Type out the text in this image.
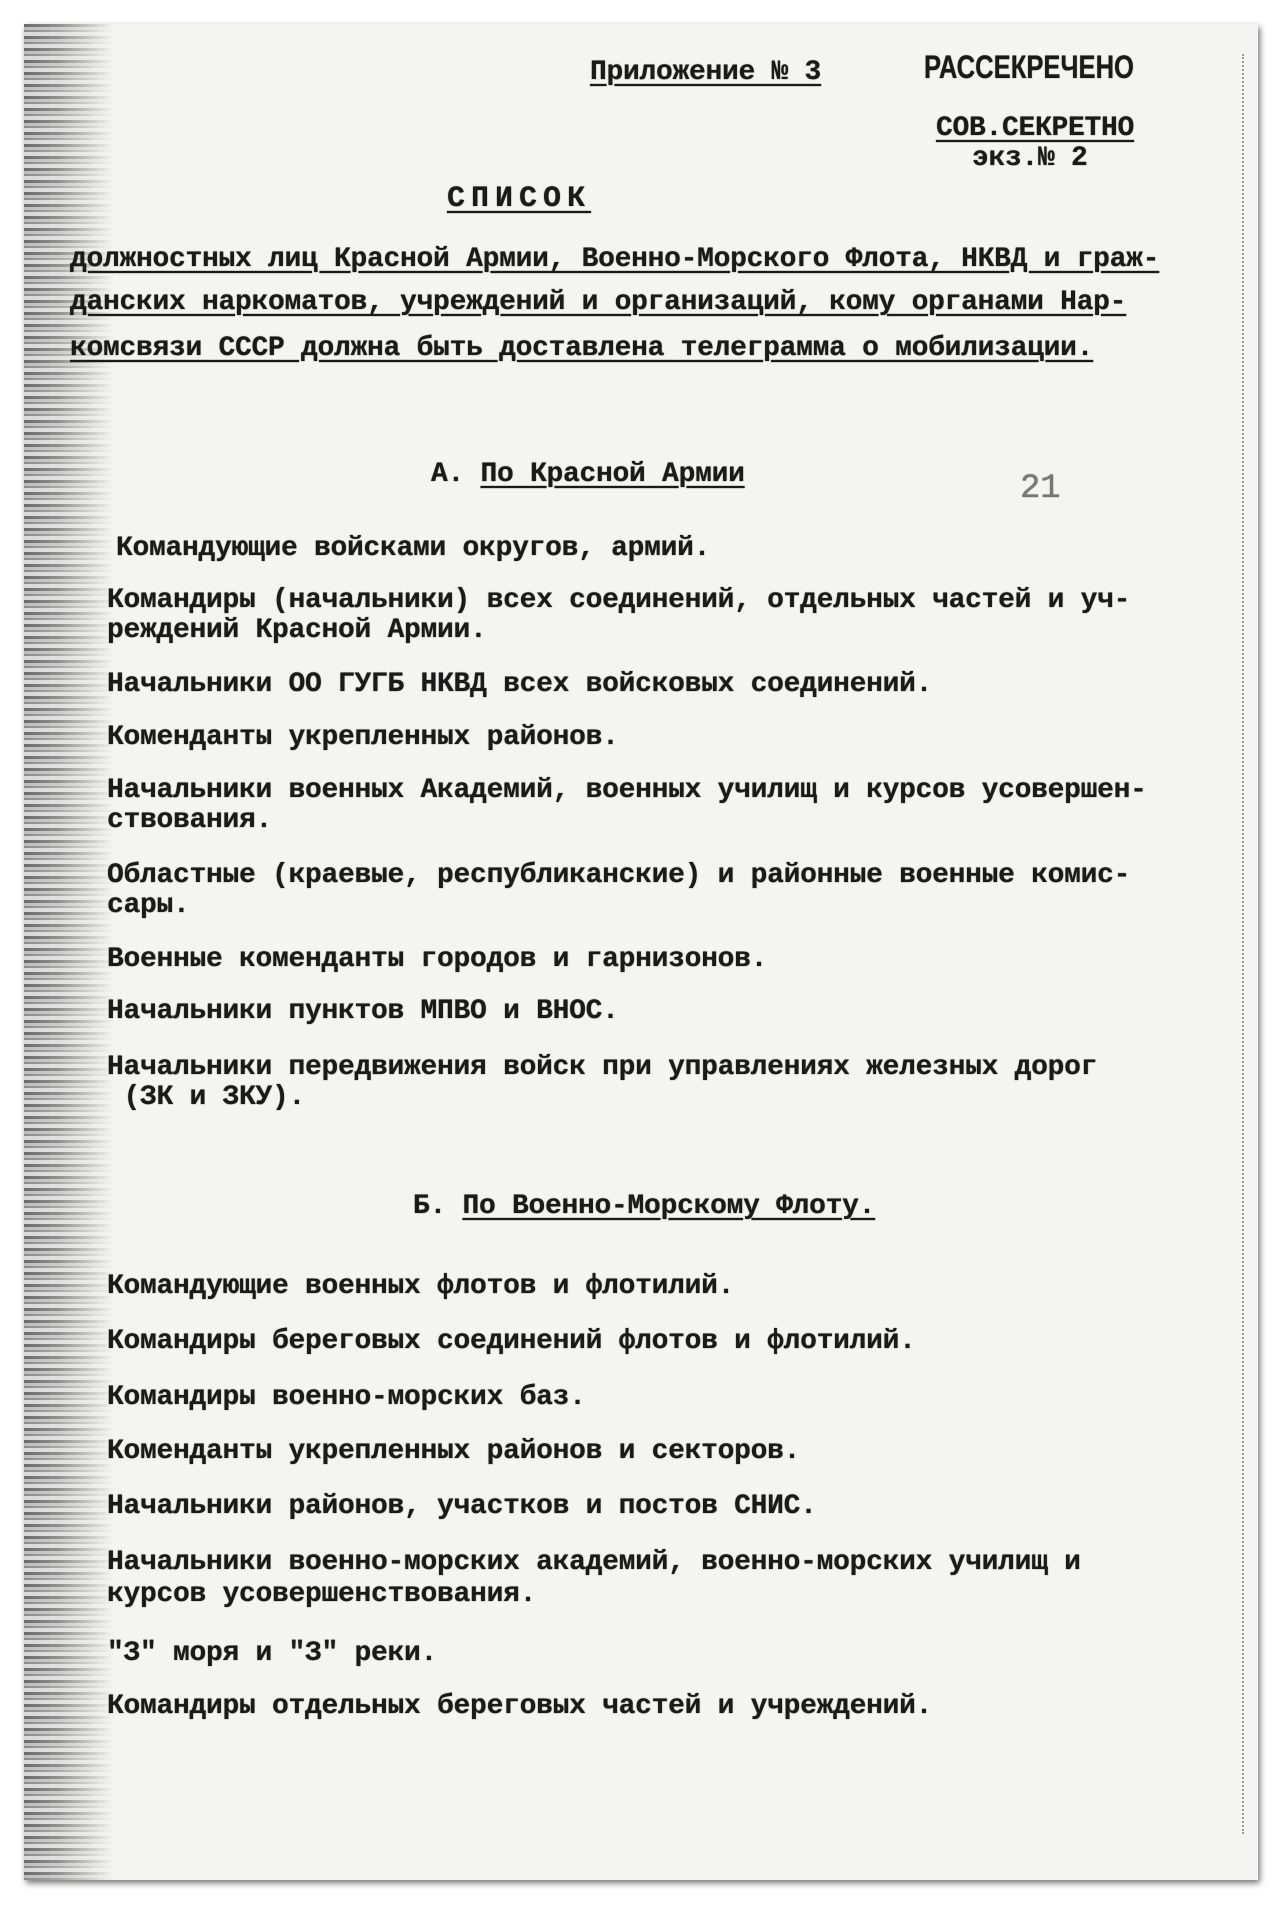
Приложение № 3	РАССЕКРЕЧЕНО
СОВ.СЕКРЕТНО
экз.№ 2
СПИСОК
должностных лиц Красной Армии, Военно-Морского Флота, НКВД и граж-
данских наркоматов, учреждений и организаций, кому органами Нар-
комсвязи СССР должна быть доставлена телеграмма о мобилизации.
А. По Красной Армии	21
Командующие войсками округов, армий.
Командиры (начальники) всех соединений, отдельных частей и уч-
реждений Красной Армии.
Начальники ОО ГУГБ НКВД всех войсковых соединений.
Коменданты укрепленных районов.
Начальники военных Академий, военных училищ и курсов усовершен-
ствования.
Областные (краевые, республиканские) и районные военные комис-
сары.
Военные коменданты городов и гарнизонов.
Начальники пунктов МПВО и ВНОС.
Начальники передвижения войск при управлениях железных дорог
(ЗК и ЗКУ).
Б. По Военно-Морскому Флоту.
Командующие военных флотов и флотилий.
Командиры береговых соединений флотов и флотилий.
Командиры военно-морских баз.
Коменданты укрепленных районов и секторов.
Начальники районов, участков и постов СНИС.
Начальники военно-морских академий, военно-морских училищ и
курсов усовершенствования.
"З" моря и "З" реки.
Командиры отдельных береговых частей и учреждений.
